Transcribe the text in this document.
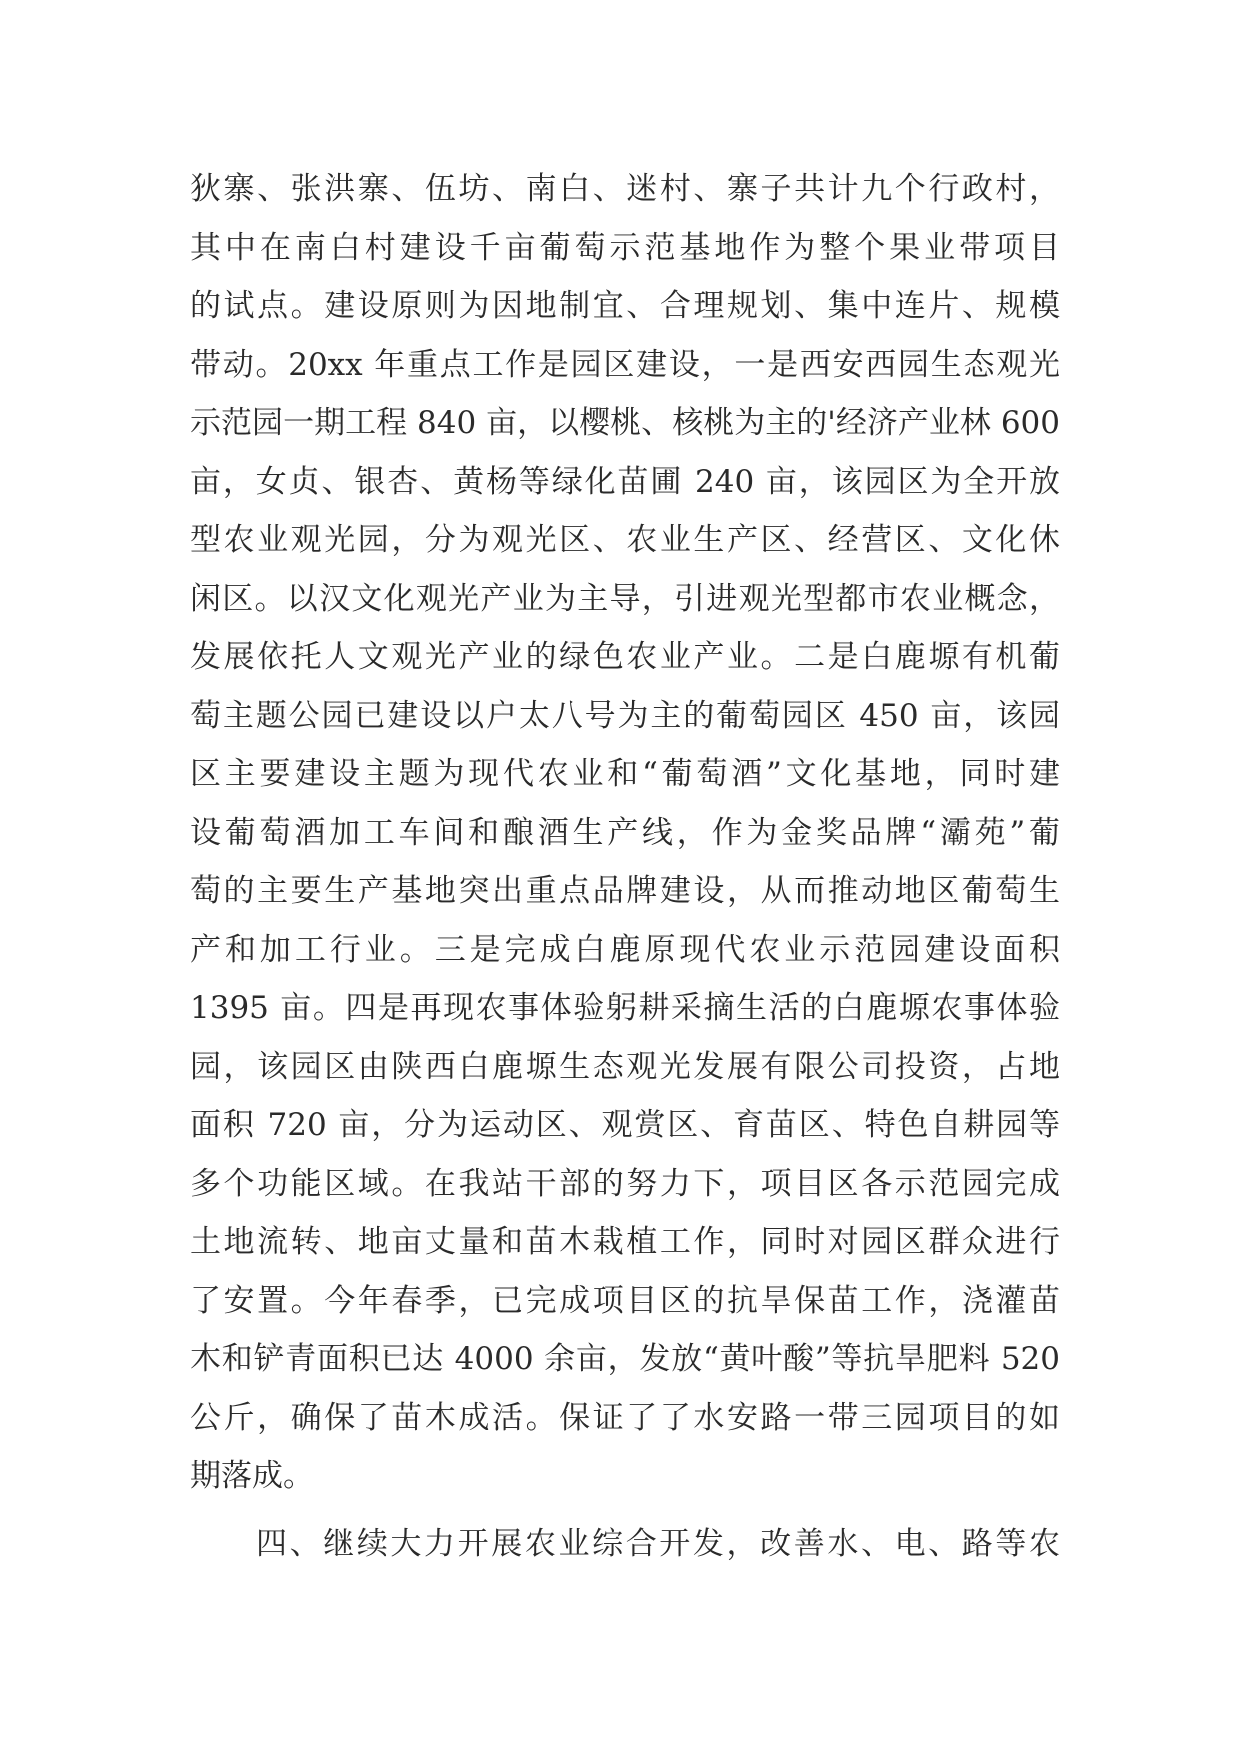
狄寨、张洪寨、伍坊、南白、迷村、寨子共计九个行政村，
其中在南白村建设千亩葡萄示范基地作为整个果业带项目
的试点。建设原则为因地制宜、合理规划、集中连片、规模
带动。20xx 年重点工作是园区建设，一是西安西园生态观光
示范园一期工程 840 亩，以樱桃、核桃为主的'经济产业林 600
亩，女贞、银杏、黄杨等绿化苗圃 240 亩，该园区为全开放
型农业观光园，分为观光区、农业生产区、经营区、文化休
闲区。以汉文化观光产业为主导，引进观光型都市农业概念，
发展依托人文观光产业的绿色农业产业。二是白鹿塬有机葡
萄主题公园已建设以户太八号为主的葡萄园区 450 亩，该园
区主要建设主题为现代农业和“葡萄酒”文化基地，同时建
设葡萄酒加工车间和酿酒生产线，作为金奖品牌“灞苑”葡
萄的主要生产基地突出重点品牌建设，从而推动地区葡萄生
产和加工行业。三是完成白鹿原现代农业示范园建设面积
1395 亩。四是再现农事体验躬耕采摘生活的白鹿塬农事体验
园，该园区由陕西白鹿塬生态观光发展有限公司投资，占地
面积 720 亩，分为运动区、观赏区、育苗区、特色自耕园等
多个功能区域。在我站干部的努力下，项目区各示范园完成
土地流转、地亩丈量和苗木栽植工作，同时对园区群众进行
了安置。今年春季，已完成项目区的抗旱保苗工作，浇灌苗
木和铲青面积已达 4000 余亩，发放“黄叶酸”等抗旱肥料 520
公斤，确保了苗木成活。保证了了水安路一带三园项目的如
期落成。
四、继续大力开展农业综合开发，改善水、电、路等农
